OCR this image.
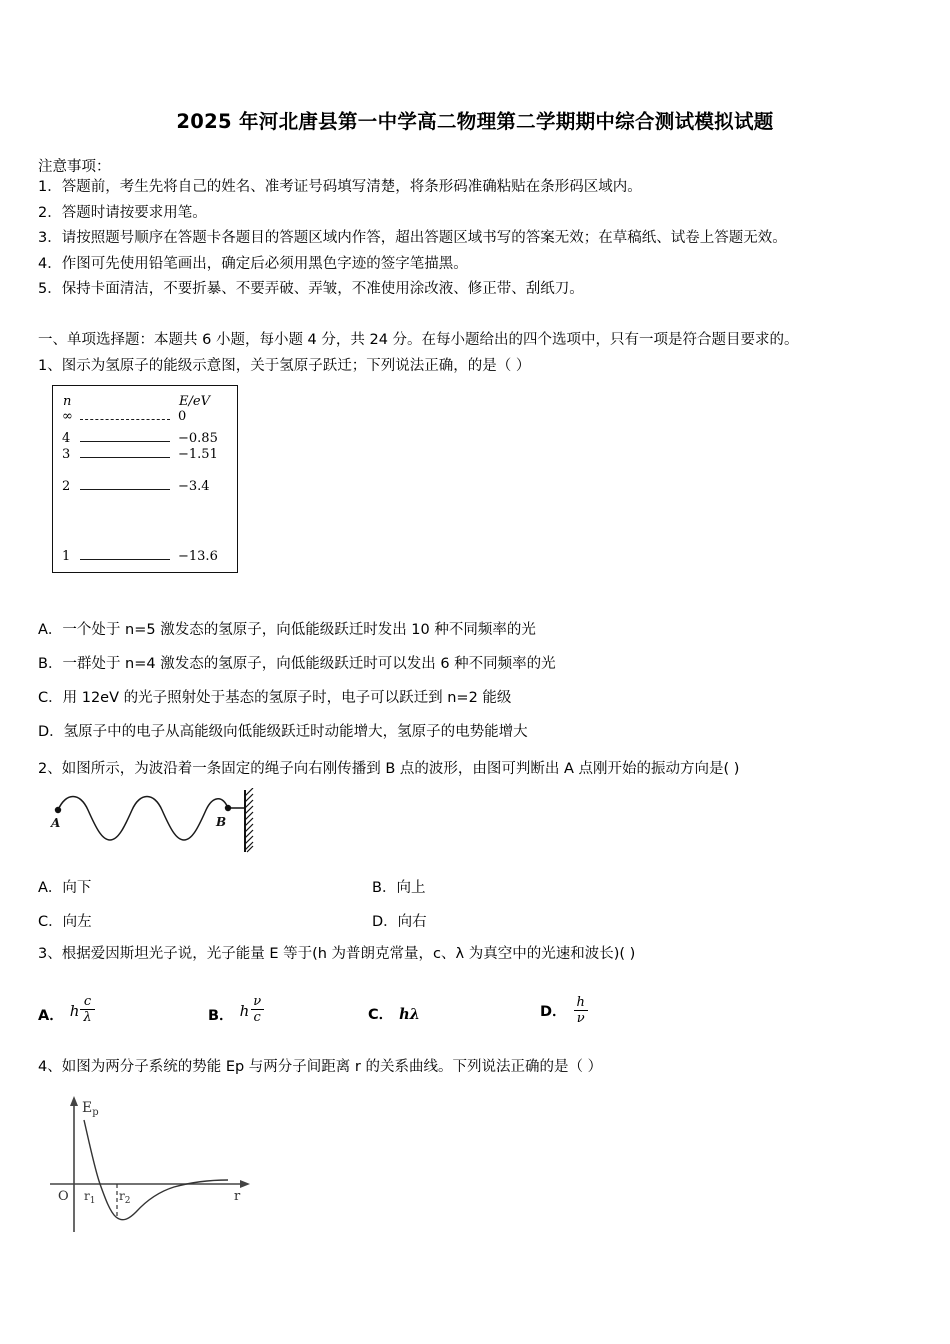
2025 年河北唐县第一中学高二物理第二学期期中综合测试模拟试题
注意事项：
1．答题前，考生先将自己的姓名、准考证号码填写清楚，将条形码准确粘贴在条形码区域内。
2．答题时请按要求用笔。
3．请按照题号顺序在答题卡各题目的答题区域内作答，超出答题区域书写的答案无效；在草稿纸、试卷上答题无效。
4．作图可先使用铅笔画出，确定后必须用黑色字迹的签字笔描黑。
5．保持卡面清洁，不要折暴、不要弄破、弄皱，不准使用涂改液、修正带、刮纸刀。
一、单项选择题：本题共 6 小题，每小题 4 分，共 24 分。在每小题给出的四个选项中，只有一项是符合题目要求的。
1、图示为氢原子的能级示意图，关于氢原子跃迁；下列说法正确，的是（ ）
n	E/eV
∞	0
4	−0.85
3	−1.51
2	−3.4
1	−13.6
A．一个处于 n=5 激发态的氢原子，向低能级跃迁时发出 10 种不同频率的光
B．一群处于 n=4 激发态的氢原子，向低能级跃迁时可以发出 6 种不同频率的光
C．用 12eV 的光子照射处于基态的氢原子时，电子可以跃迁到 n=2 能级
D．氢原子中的电子从高能级向低能级跃迁时动能增大，氢原子的电势能增大
2、如图所示，为波沿着一条固定的绳子向右刚传播到 B 点的波形，由图可判断出 A 点刚开始的振动方向是( )
A	B
A．向下	B．向上
C．向左	D．向右
3、根据爱因斯坦光子说，光子能量 E 等于(h 为普朗克常量，c、λ 为真空中的光速和波长)( )
A． h $\frac{c}{\lambda}$	B． h $\frac{\nu}{c}$	C． hλ	D． $\frac{h}{\nu}$
4、如图为两分子系统的势能 Ep 与两分子间距离 r 的关系曲线。下列说法正确的是（ ）
O $r_1$ $r_2$
$E_p$
r
